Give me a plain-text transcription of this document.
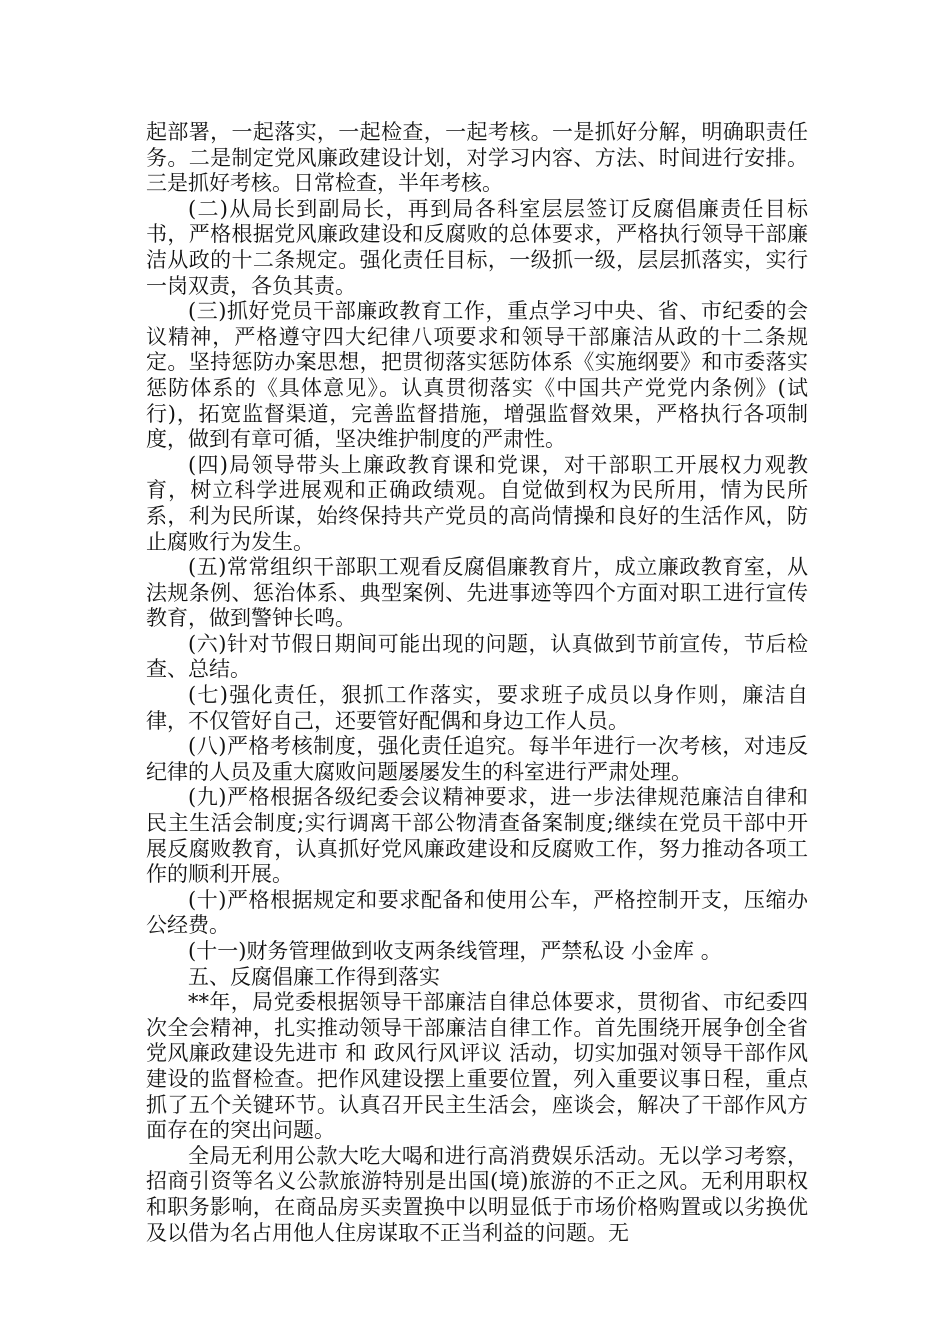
起部署，一起落实，一起检查，一起考核。一是抓好分解，明确职责任务。二是制定党风廉政建设计划，对学习内容、方法、时间进行安排。三是抓好考核。日常检查，半年考核。

(二)从局长到副局长，再到局各科室层层签订反腐倡廉责任目标书，严格根据党风廉政建设和反腐败的总体要求，严格执行领导干部廉洁从政的十二条规定。强化责任目标，一级抓一级，层层抓落实，实行一岗双责，各负其责。

(三)抓好党员干部廉政教育工作，重点学习中央、省、市纪委的会议精神，严格遵守四大纪律八项要求和领导干部廉洁从政的十二条规定。坚持惩防办案思想，把贯彻落实惩防体系《实施纲要》和市委落实惩防体系的《具体意见》。认真贯彻落实《中国共产党党内条例》(试行)，拓宽监督渠道，完善监督措施，增强监督效果，严格执行各项制度，做到有章可循，坚决维护制度的严肃性。

(四)局领导带头上廉政教育课和党课，对干部职工开展权力观教育，树立科学进展观和正确政绩观。自觉做到权为民所用，情为民所系，利为民所谋，始终保持共产党员的高尚情操和良好的生活作风，防止腐败行为发生。

(五)常常组织干部职工观看反腐倡廉教育片，成立廉政教育室，从法规条例、惩治体系、典型案例、先进事迹等四个方面对职工进行宣传教育，做到警钟长鸣。

(六)针对节假日期间可能出现的问题，认真做到节前宣传，节后检查、总结。

(七)强化责任，狠抓工作落实，要求班子成员以身作则，廉洁自律，不仅管好自己，还要管好配偶和身边工作人员。

(八)严格考核制度，强化责任追究。每半年进行一次考核，对违反纪律的人员及重大腐败问题屡屡发生的科室进行严肃处理。

(九)严格根据各级纪委会议精神要求，进一步法律规范廉洁自律和民主生活会制度;实行调离干部公物清查备案制度;继续在党员干部中开展反腐败教育，认真抓好党风廉政建设和反腐败工作，努力推动各项工作的顺利开展。

(十)严格根据规定和要求配备和使用公车，严格控制开支，压缩办公经费。

(十一)财务管理做到收支两条线管理，严禁私设 小金库 。

五、反腐倡廉工作得到落实

**年，局党委根据领导干部廉洁自律总体要求，贯彻省、市纪委四次全会精神，扎实推动领导干部廉洁自律工作。首先围绕开展争创全省党风廉政建设先进市 和 政风行风评议 活动，切实加强对领导干部作风建设的监督检查。把作风建设摆上重要位置，列入重要议事日程，重点抓了五个关键环节。认真召开民主生活会，座谈会，解决了干部作风方面存在的突出问题。

全局无利用公款大吃大喝和进行高消费娱乐活动。无以学习考察，招商引资等名义公款旅游特别是出国(境)旅游的不正之风。无利用职权和职务影响，在商品房买卖置换中以明显低于市场价格购置或以劣换优及以借为名占用他人住房谋取不正当利益的问题。无
